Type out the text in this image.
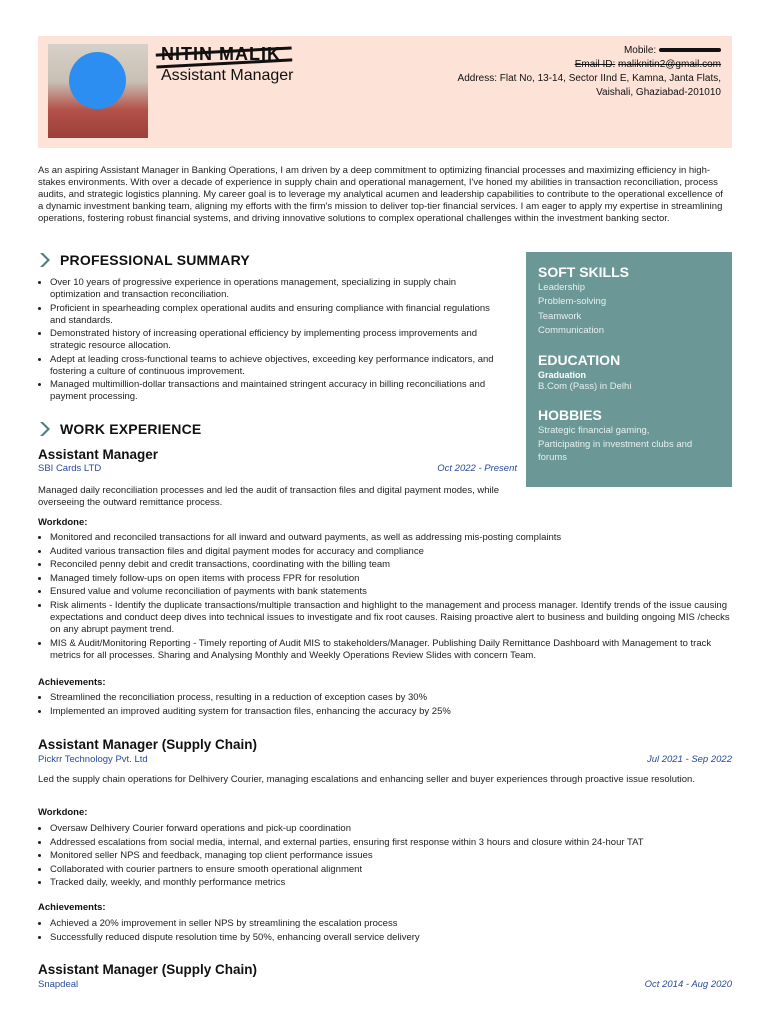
NITIN MALIK
Assistant Manager
Mobile:
Email ID: maliknitin2@gmail.com
Address: Flat No, 13-14, Sector IInd E, Kamna, Janta Flats,
Vaishali, Ghaziabad-201010
As an aspiring Assistant Manager in Banking Operations, I am driven by a deep commitment to optimizing financial processes and maximizing efficiency in high-stakes environments. With over a decade of experience in supply chain and operational management, I've honed my abilities in transaction reconciliation, process audits, and strategic logistics planning. My career goal is to leverage my analytical acumen and leadership capabilities to contribute to the operational excellence of a dynamic investment banking team, aligning my efforts with the firm's mission to deliver top-tier financial services. I am eager to apply my expertise in streamlining operations, fostering robust financial systems, and driving innovative solutions to complex operational challenges within the investment banking sector.
PROFESSIONAL SUMMARY
• Over 10 years of progressive experience in operations management, specializing in supply chain optimization and transaction reconciliation.
• Proficient in spearheading complex operational audits and ensuring compliance with financial regulations and standards.
• Demonstrated history of increasing operational efficiency by implementing process improvements and strategic resource allocation.
• Adept at leading cross-functional teams to achieve objectives, exceeding key performance indicators, and fostering a culture of continuous improvement.
• Managed multimillion-dollar transactions and maintained stringent accuracy in billing reconciliations and payment processing.
SOFT SKILLS
Leadership
Problem-solving
Teamwork
Communication
EDUCATION
Graduation
B.Com (Pass) in Delhi
HOBBIES
Strategic financial gaming,
Participating in investment clubs and
forums
WORK EXPERIENCE
Assistant Manager
SBI Cards LTD	Oct 2022 - Present
Managed daily reconciliation processes and led the audit of transaction files and digital payment modes, while overseeing the outward remittance process.
Workdone:
• Monitored and reconciled transactions for all inward and outward payments, as well as addressing mis-posting complaints
• Audited various transaction files and digital payment modes for accuracy and compliance
• Reconciled penny debit and credit transactions, coordinating with the billing team
• Managed timely follow-ups on open items with process FPR for resolution
• Ensured value and volume reconciliation of payments with bank statements
• Risk aliments - Identify the duplicate transactions/multiple transaction and highlight to the management and process manager. Identify trends of the issue causing expectations and conduct deep dives into technical issues to investigate and fix root causes. Raising proactive alert to business and building ongoing MIS /checks on any abrupt payment trend.
• MIS & Audit/Monitoring Reporting - Timely reporting of Audit MIS to stakeholders/Manager. Publishing Daily Remittance Dashboard with Management to track metrics for all processes. Sharing and Analysing Monthly and Weekly Operations Review Slides with concern Team.
Achievements:
• Streamlined the reconciliation process, resulting in a reduction of exception cases by 30%
• Implemented an improved auditing system for transaction files, enhancing the accuracy by 25%
Assistant Manager (Supply Chain)
Pickrr Technology Pvt. Ltd	Jul 2021 - Sep 2022
Led the supply chain operations for Delhivery Courier, managing escalations and enhancing seller and buyer experiences through proactive issue resolution.
Workdone:
• Oversaw Delhivery Courier forward operations and pick-up coordination
• Addressed escalations from social media, internal, and external parties, ensuring first response within 3 hours and closure within 24-hour TAT
• Monitored seller NPS and feedback, managing top client performance issues
• Collaborated with courier partners to ensure smooth operational alignment
• Tracked daily, weekly, and monthly performance metrics
Achievements:
• Achieved a 20% improvement in seller NPS by streamlining the escalation process
• Successfully reduced dispute resolution time by 50%, enhancing overall service delivery
Assistant Manager (Supply Chain)
Snapdeal	Oct 2014 - Aug 2020
